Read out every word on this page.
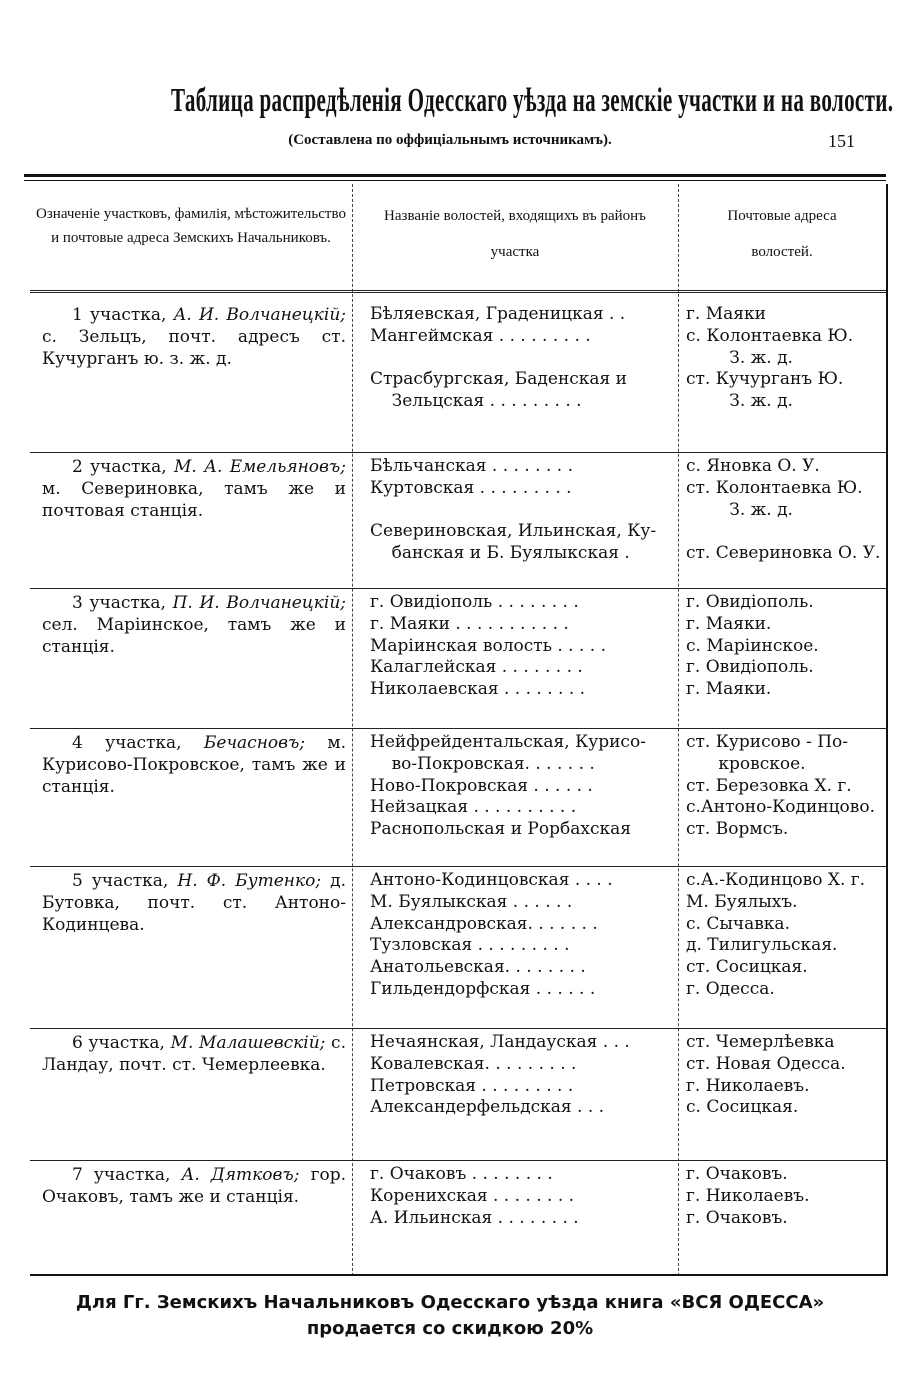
Таблица распредѣленія Одесскаго уѣзда на земскіе участки и на волости.
(Составлена по оффиціальнымъ источникамъ).	151
Означеніе участковъ, фамилія, мѣстожительство и почтовые адреса Земскихъ Начальниковъ.
Названіе волостей, входящихъ въ районъ участка
Почтовые адреса волостей.
1 участка, А. И. Волчанецкій; с. Зельцъ, почт. адресъ ст. Кучурганъ ю. з. ж. д.
Бѣляевская, Граденицкая . .
Мангеймская . . . . . . . . .
Страсбургская, Баденская и
Зельцская . . . . . . . . .
г. Маяки
с. Колонтаевка Ю.
З. ж. д.
ст. Кучурганъ Ю.
З. ж. д.
2 участка, М. А. Емельяновъ; м. Севериновка, тамъ же и почтовая станція.
Бѣльчанская . . . . . . . .
Куртовская . . . . . . . . .
Севериновская, Ильинская, Ку-
банская и Б. Буялыкская .
с. Яновка О. У.
ст. Колонтаевка Ю.
З. ж. д.
ст. Севериновка О. У.
3 участка, П. И. Волчанецкій; сел. Маріинское, тамъ же и станція.
г. Овидіополь . . . . . . . .
г. Маяки . . . . . . . . . . .
Маріинская волость . . . . .
Калаглейская . . . . . . . .
Николаевская . . . . . . . .
г. Овидіополь.
г. Маяки.
с. Маріинское.
г. Овидіополь.
г. Маяки.
4 участка, Бечасновъ; м. Курисово-Покровское, тамъ же и станція.
Нейфрейдентальская, Курисо-
во-Покровская. . . . . . .
Ново-Покровская . . . . . .
Нейзацкая . . . . . . . . . .
Раснопольская и Рорбахская
ст. Курисово - По-
кровское.
ст. Березовка Х. г.
с.Антоно-Кодинцово.
ст. Вормсъ.
5 участка, Н. Ф. Бутенко; д. Бутовка, почт. ст. Антоно-Кодинцева.
Антоно-Кодинцовская . . . .
М. Буялыкская . . . . . .
Александровская. . . . . . .
Тузловская . . . . . . . . .
Анатольевская. . . . . . . .
Гильдендорфская . . . . . .
с.А.-Кодинцово Х. г.
М. Буялыхъ.
с. Сычавка.
д. Тилигульская.
ст. Сосицкая.
г. Одесса.
6 участка, М. Малашевскій; с. Ландау, почт. ст. Чемерлеевка.
Нечаянская, Ландауская . . .
Ковалевская. . . . . . . . .
Петровская . . . . . . . . .
Александерфельдская . . .
ст. Чемерлѣевка
ст. Новая Одесса.
г. Николаевъ.
с. Сосицкая.
7 участка, А. Дятковъ; гор. Очаковъ, тамъ же и станція.
г. Очаковъ . . . . . . . .
Коренихская . . . . . . . .
А. Ильинская . . . . . . . .
г. Очаковъ.
г. Николаевъ.
г. Очаковъ.
Для Гг. Земскихъ Начальниковъ Одесскаго уѣзда книга «ВСЯ ОДЕССА»
продается со скидкою 20%
